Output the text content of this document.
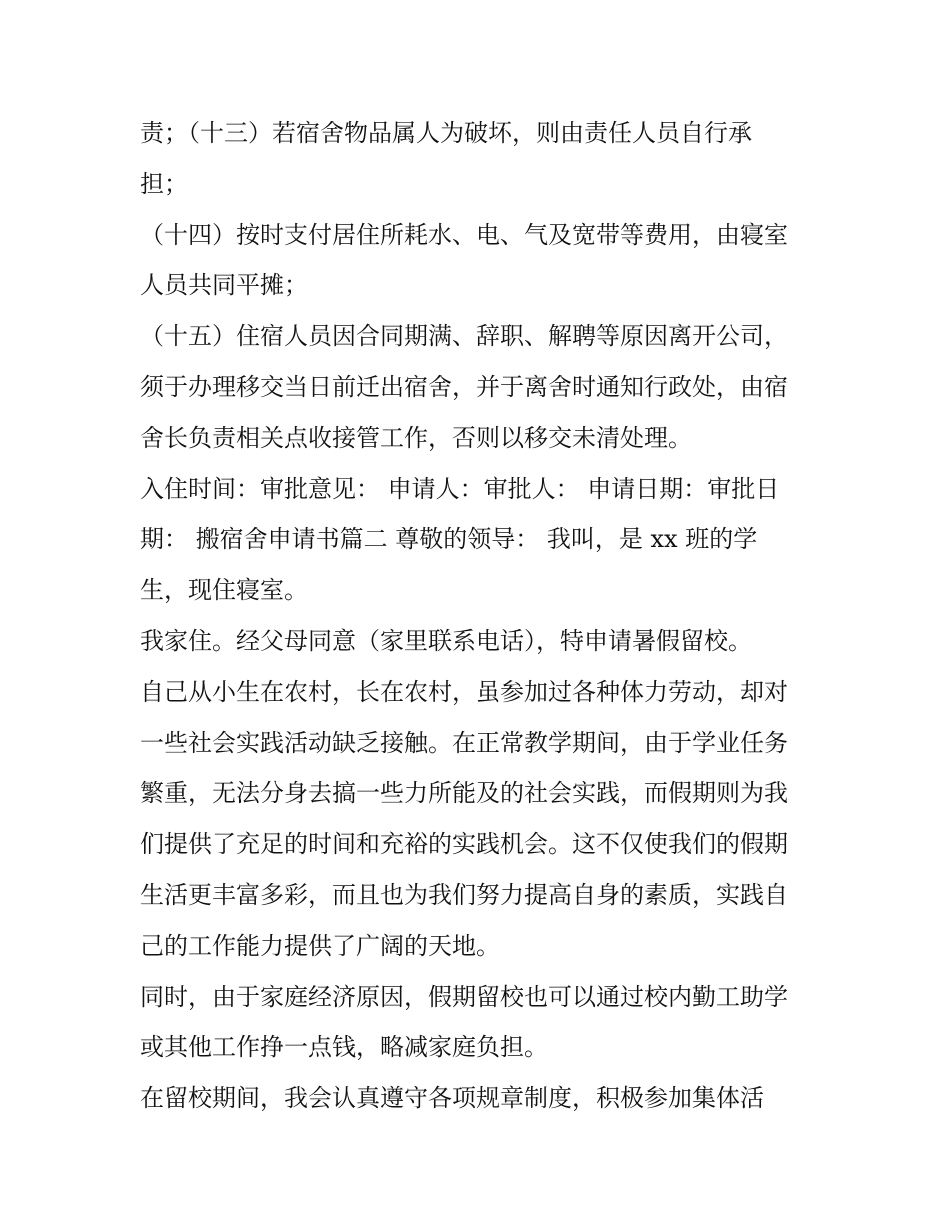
责；（十三）若宿舍物品属人为破坏，则由责任人员自行承

担；

（十四）按时支付居住所耗水、电、气及宽带等费用，由寝室

人员共同平摊；

（十五）住宿人员因合同期满、辞职、解聘等原因离开公司，

须于办理移交当日前迁出宿舍，并于离舍时通知行政处，由宿

舍长负责相关点收接管工作，否则以移交未清处理。

入住时间：审批意见： 申请人：审批人： 申请日期：审批日

期： 搬宿舍申请书篇二 尊敬的领导： 我叫，是 xx 班的学

生，现住寝室。

我家住。经父母同意（家里联系电话），特申请暑假留校。

自己从小生在农村，长在农村，虽参加过各种体力劳动，却对

一些社会实践活动缺乏接触。在正常教学期间，由于学业任务

繁重，无法分身去搞一些力所能及的社会实践，而假期则为我

们提供了充足的时间和充裕的实践机会。这不仅使我们的假期

生活更丰富多彩，而且也为我们努力提高自身的素质，实践自

己的工作能力提供了广阔的天地。

同时，由于家庭经济原因，假期留校也可以通过校内勤工助学

或其他工作挣一点钱，略减家庭负担。

在留校期间，我会认真遵守各项规章制度，积极参加集体活
